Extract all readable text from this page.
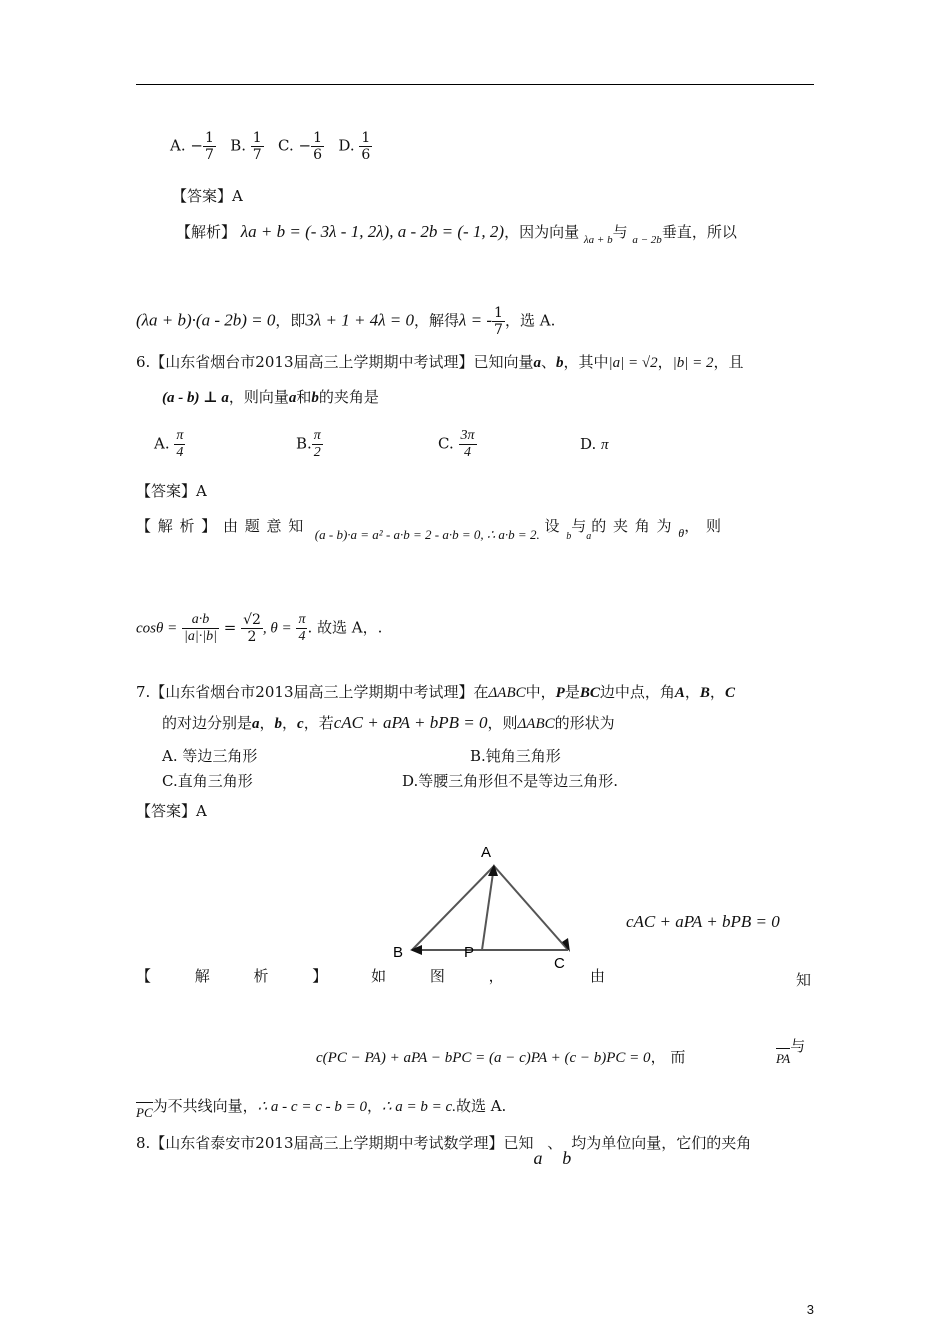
A. − $\frac{1}{7} B$. $\frac{1}{7} C$. − $\frac{1}{6} D$. $\frac{1}{6}$
【答案】A
【解析】 λa + b = (- 3λ - 1, 2λ), a - 2b = (- 1, 2)，因为向量 $_{\lambda a + b}$与 $_{a - 2b}$垂直，所以
(λa + b)·(a - 2b) = 0，即3λ + 1 + 4λ = 0，解得λ = - $\frac{1}{7}$ ，选 A.
6.【山东省烟台市2013届高三上学期期中考试理】已知向量a、b，其中|a| = √2，|b| = 2，且
(a - b) ⊥ a，则向量a和b的夹角是
A. $\frac{\pi}{4}$	B. $\frac{\pi}{2}$	C. $\frac{3\pi}{4}$	D. π
【答案】A
【解析】由题意知 (a - b)·a = a² - a·b = 2 - a·b = 0, ∴ a·b = 2. 设$_b$与$_a$的夹角为$_\theta$，则
$\cos\theta = \frac{a\cdot b}{|a|\cdot|b|} = \frac{√2}{2}$ , $\theta = \frac{\pi}{4}$ . 故选 A，.
7.【山东省烟台市2013届高三上学期期中考试理】在ΔABC中，P是BC边中点，角A，B，C
的对边分别是a，b，c，若cAC + aPA + bPB = 0，则ΔABC的形状为
A. 等边三角形	B.钝角三角形
C.直角三角形	D.等腰三角形但不是等边三角形.
【答案】A
A
B	P
C
cAC + aPA + bPB = 0
【 解 析 】 如 图 ，	由	知
c(PC − PA) + aPA − bPC = (a − c)PA + (c − b)PC = 0， 而	PA与
PC为不共线向量，∴ a - c = c - b = 0，∴ a = b = c.故选 A.
8.【山东省泰安市2013届高三上学期期中考试数学理】已知a 、b均为单位向量，它们的夹角
3
